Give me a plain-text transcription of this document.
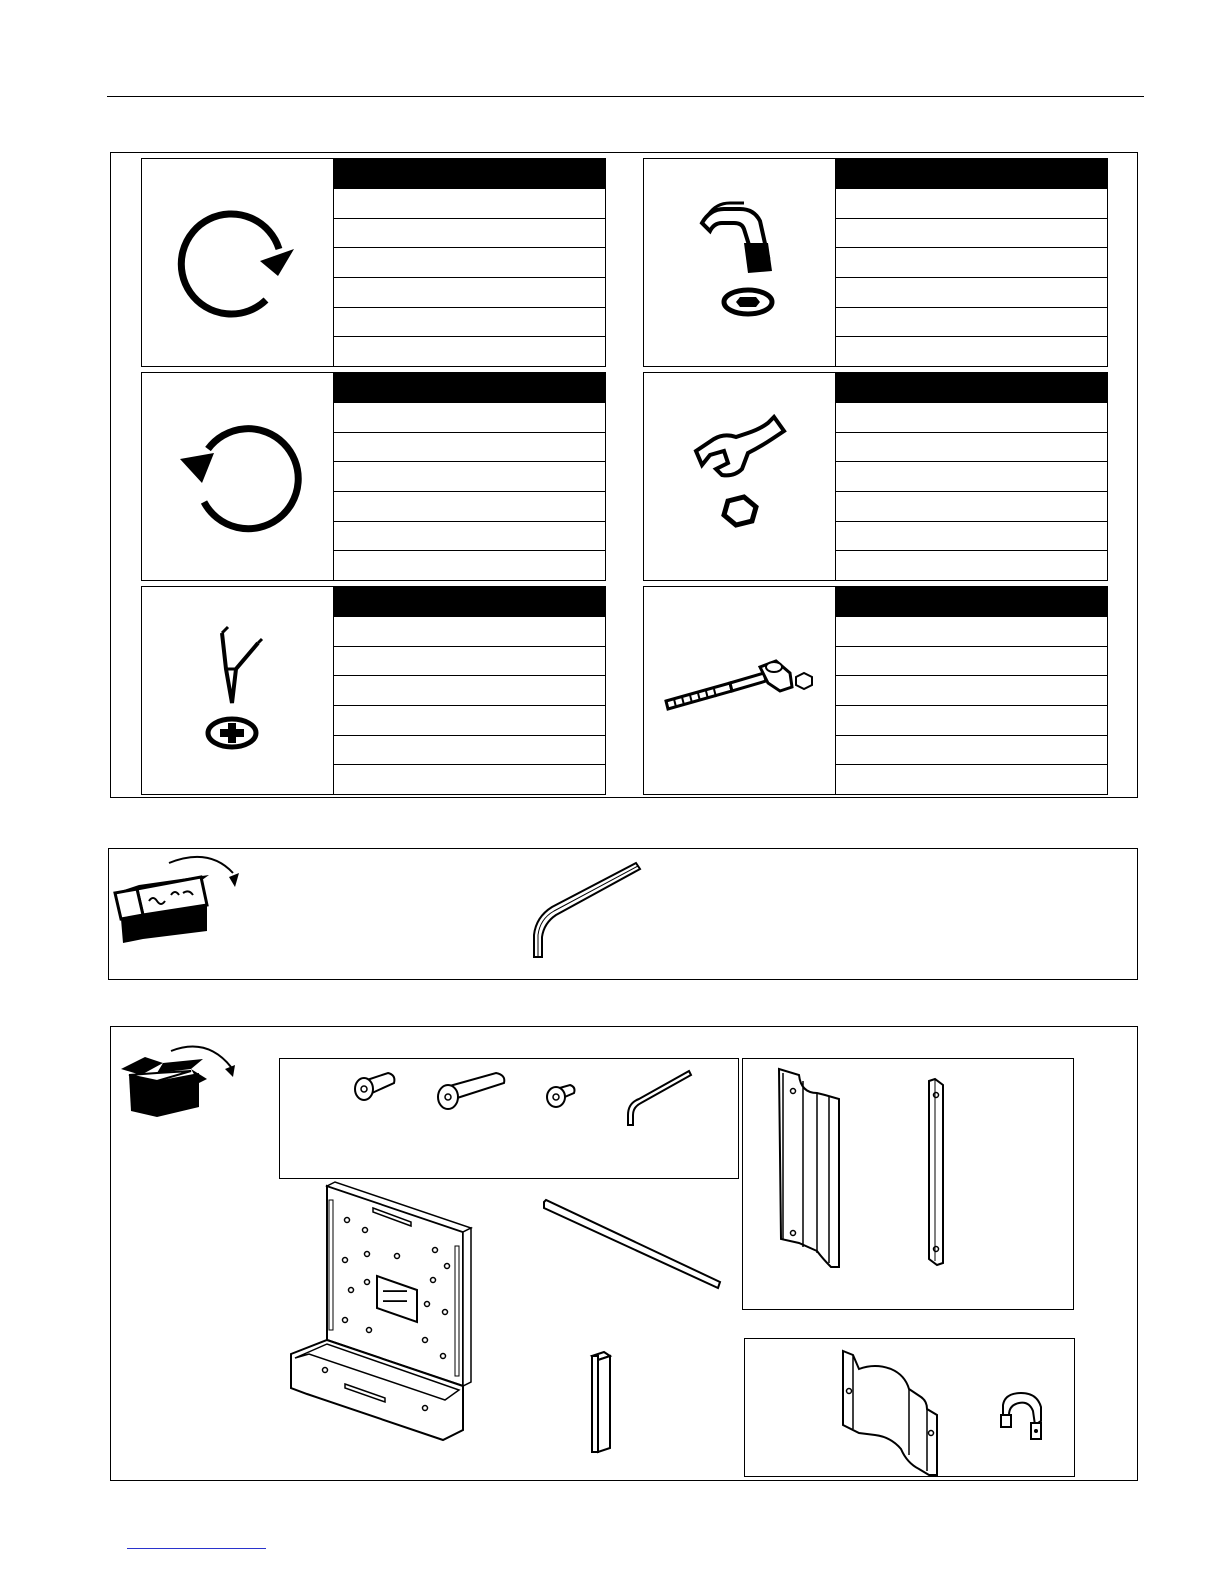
▬▬▬▬
▬▬▬▬
